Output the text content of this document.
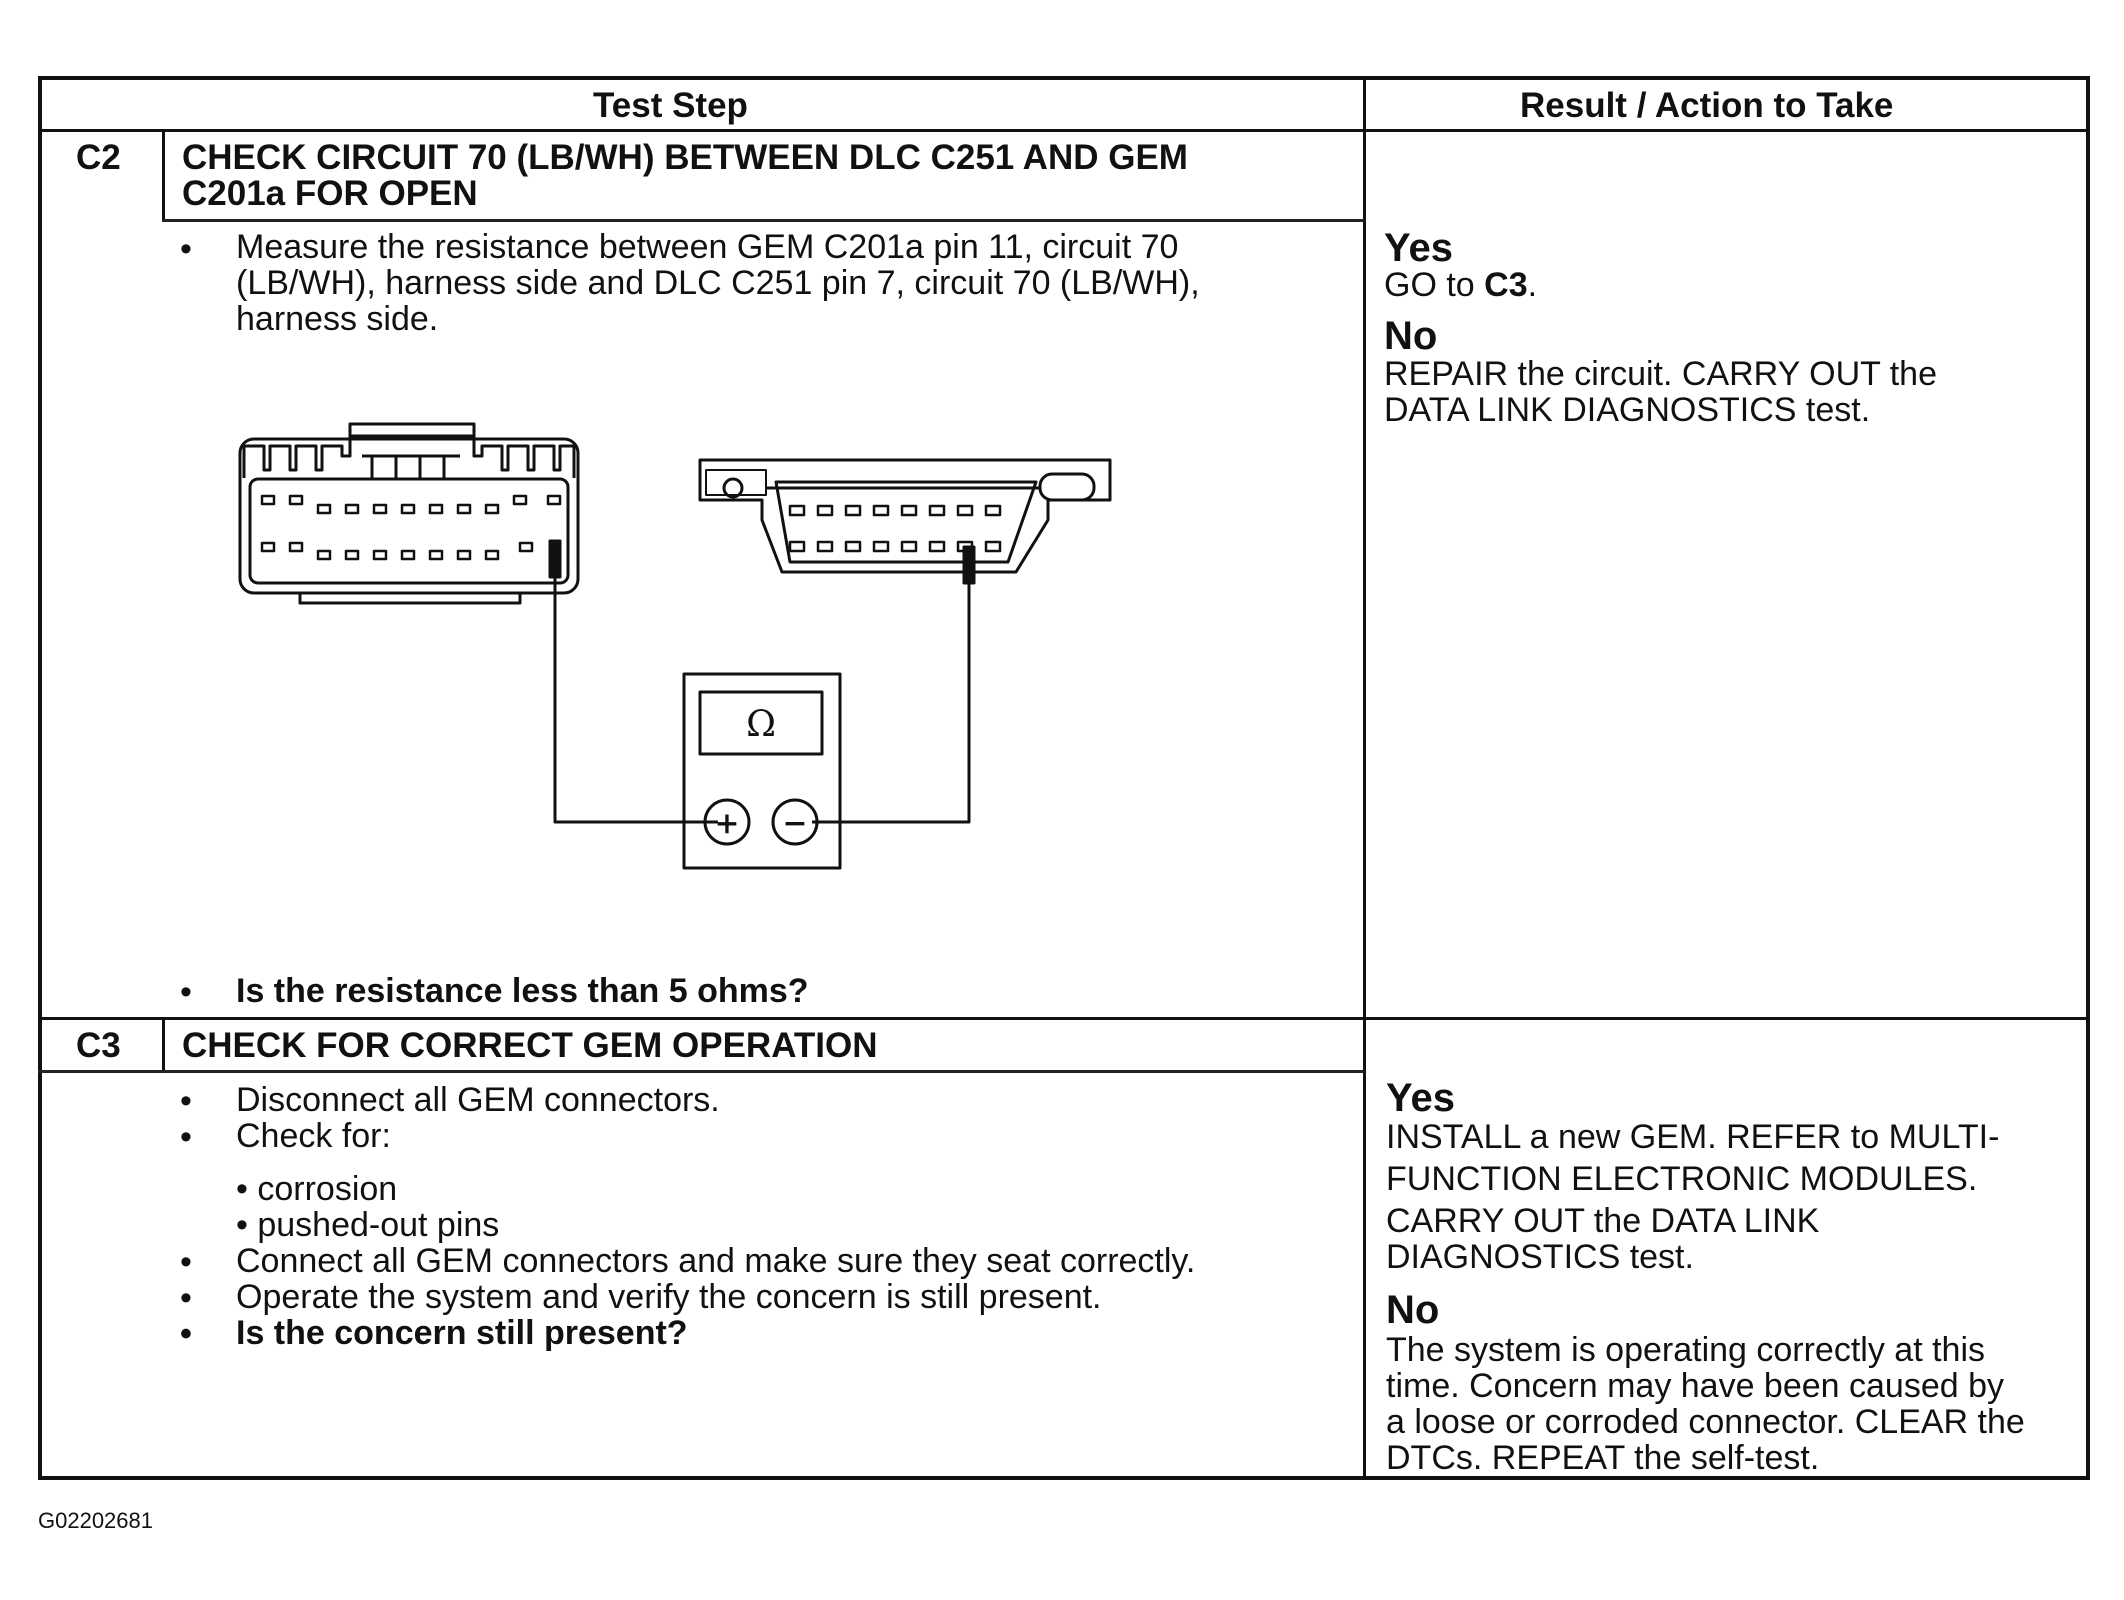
Test Step	Result / Action to Take
C2 CHECK CIRCUIT 70 (LB/WH) BETWEEN DLC C251 AND GEM
C201a FOR OPEN
• Measure the resistance between GEM C201a pin 11, circuit 70
(LB/WH), harness side and DLC C251 pin 7, circuit 70 (LB/WH),
harness side.
Ω
+ −
• Is the resistance less than 5 ohms?
Yes
GO to C3.
No
REPAIR the circuit. CARRY OUT the
DATA LINK DIAGNOSTICS test.
C3 CHECK FOR CORRECT GEM OPERATION
• Disconnect all GEM connectors.
• Check for:
• corrosion
• pushed-out pins
• Connect all GEM connectors and make sure they seat correctly.
• Operate the system and verify the concern is still present.
• Is the concern still present?
Yes
INSTALL a new GEM. REFER to MULTI-
FUNCTION ELECTRONIC MODULES.
CARRY OUT the DATA LINK
DIAGNOSTICS test.
No
The system is operating correctly at this
time. Concern may have been caused by
a loose or corroded connector. CLEAR the
DTCs. REPEAT the self-test.
G02202681
